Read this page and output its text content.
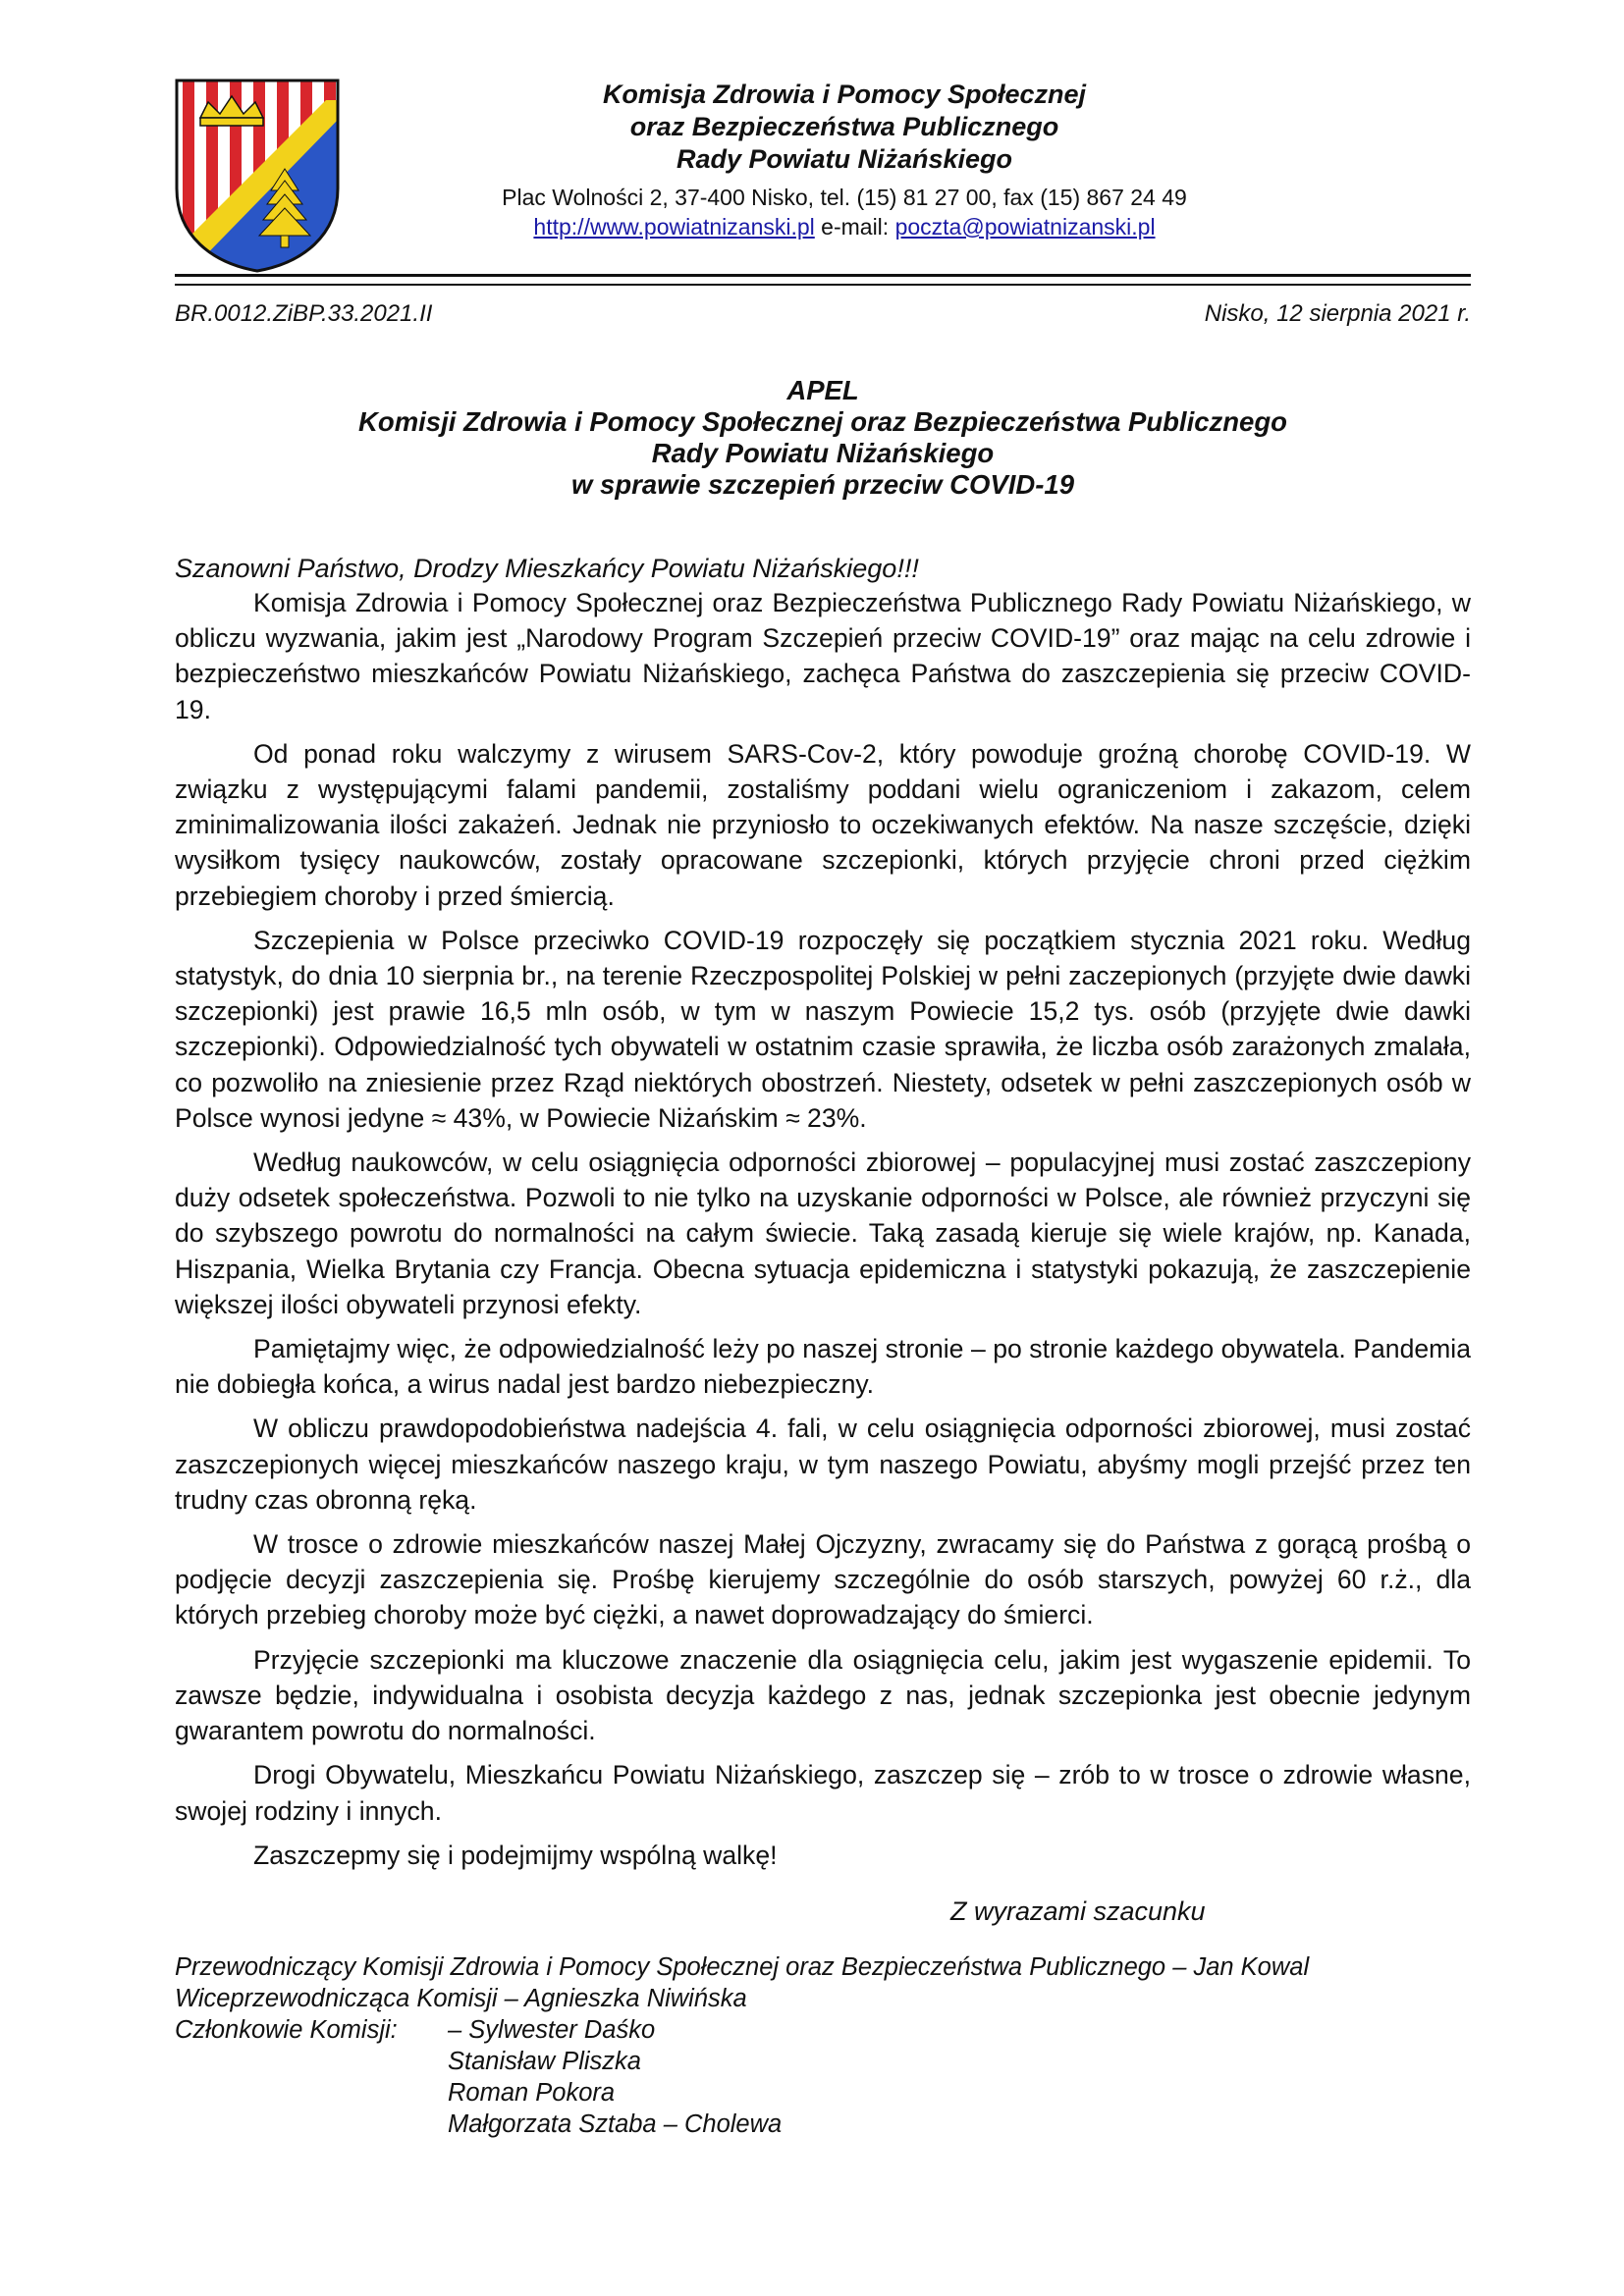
Komisja Zdrowia i Pomocy Społecznej
oraz Bezpieczeństwa Publicznego
Rady Powiatu Niżańskiego
Plac Wolności 2, 37-400 Nisko, tel. (15) 81 27 00, fax (15) 867 24 49
http://www.powiatnizanski.pl e-mail: poczta@powiatnizanski.pl
BR.0012.ZiBP.33.2021.II	Nisko, 12 sierpnia 2021 r.
APEL
Komisji Zdrowia i Pomocy Społecznej oraz Bezpieczeństwa Publicznego
Rady Powiatu Niżańskiego
w sprawie szczepień przeciw COVID-19
Szanowni Państwo, Drodzy Mieszkańcy Powiatu Niżańskiego!!!

Komisja Zdrowia i Pomocy Społecznej oraz Bezpieczeństwa Publicznego Rady Powiatu Niżańskiego, w obliczu wyzwania, jakim jest „Narodowy Program Szczepień przeciw COVID-19” oraz mając na celu zdrowie i bezpieczeństwo mieszkańców Powiatu Niżańskiego, zachęca Państwa do zaszczepienia się przeciw COVID-19.

Od ponad roku walczymy z wirusem SARS-Cov-2, który powoduje groźną chorobę COVID-19. W związku z występującymi falami pandemii, zostaliśmy poddani wielu ograniczeniom i zakazom, celem zminimalizowania ilości zakażeń. Jednak nie przyniosło to oczekiwanych efektów. Na nasze szczęście, dzięki wysiłkom tysięcy naukowców, zostały opracowane szczepionki, których przyjęcie chroni przed ciężkim przebiegiem choroby i przed śmiercią.

Szczepienia w Polsce przeciwko COVID-19 rozpoczęły się początkiem stycznia 2021 roku. Według statystyk, do dnia 10 sierpnia br., na terenie Rzeczpospolitej Polskiej w pełni zaczepionych (przyjęte dwie dawki szczepionki) jest prawie 16,5 mln osób, w tym w naszym Powiecie 15,2 tys. osób (przyjęte dwie dawki szczepionki). Odpowiedzialność tych obywateli w ostatnim czasie sprawiła, że liczba osób zarażonych zmalała, co pozwoliło na zniesienie przez Rząd niektórych obostrzeń. Niestety, odsetek w pełni zaszczepionych osób w Polsce wynosi jedyne ≈ 43%, w Powiecie Niżańskim ≈ 23%.

Według naukowców, w celu osiągnięcia odporności zbiorowej – populacyjnej musi zostać zaszczepiony duży odsetek społeczeństwa. Pozwoli to nie tylko na uzyskanie odporności w Polsce, ale również przyczyni się do szybszego powrotu do normalności na całym świecie. Taką zasadą kieruje się wiele krajów, np. Kanada, Hiszpania, Wielka Brytania czy Francja. Obecna sytuacja epidemiczna i statystyki pokazują, że zaszczepienie większej ilości obywateli przynosi efekty.

Pamiętajmy więc, że odpowiedzialność leży po naszej stronie – po stronie każdego obywatela. Pandemia nie dobiegła końca, a wirus nadal jest bardzo niebezpieczny.

W obliczu prawdopodobieństwa nadejścia 4. fali, w celu osiągnięcia odporności zbiorowej, musi zostać zaszczepionych więcej mieszkańców naszego kraju, w tym naszego Powiatu, abyśmy mogli przejść przez ten trudny czas obronną ręką.

W trosce o zdrowie mieszkańców naszej Małej Ojczyzny, zwracamy się do Państwa z gorącą prośbą o podjęcie decyzji zaszczepienia się. Prośbę kierujemy szczególnie do osób starszych, powyżej 60 r.ż., dla których przebieg choroby może być ciężki, a nawet doprowadzający do śmierci.

Przyjęcie szczepionki ma kluczowe znaczenie dla osiągnięcia celu, jakim jest wygaszenie epidemii. To zawsze będzie, indywidualna i osobista decyzja każdego z nas, jednak szczepionka jest obecnie jedynym gwarantem powrotu do normalności.

Drogi Obywatelu, Mieszkańcu Powiatu Niżańskiego, zaszczep się – zrób to w trosce o zdrowie własne, swojej rodziny i innych.

Zaszczepmy się i podejmijmy wspólną walkę!

Z wyrazami szacunku
Przewodniczący Komisji Zdrowia i Pomocy Społecznej oraz Bezpieczeństwa Publicznego – Jan Kowal
Wiceprzewodnicząca Komisji – Agnieszka Niwińska
Członkowie Komisji: – Sylwester Daśko
Stanisław Pliszka
Roman Pokora
Małgorzata Sztaba – Cholewa
